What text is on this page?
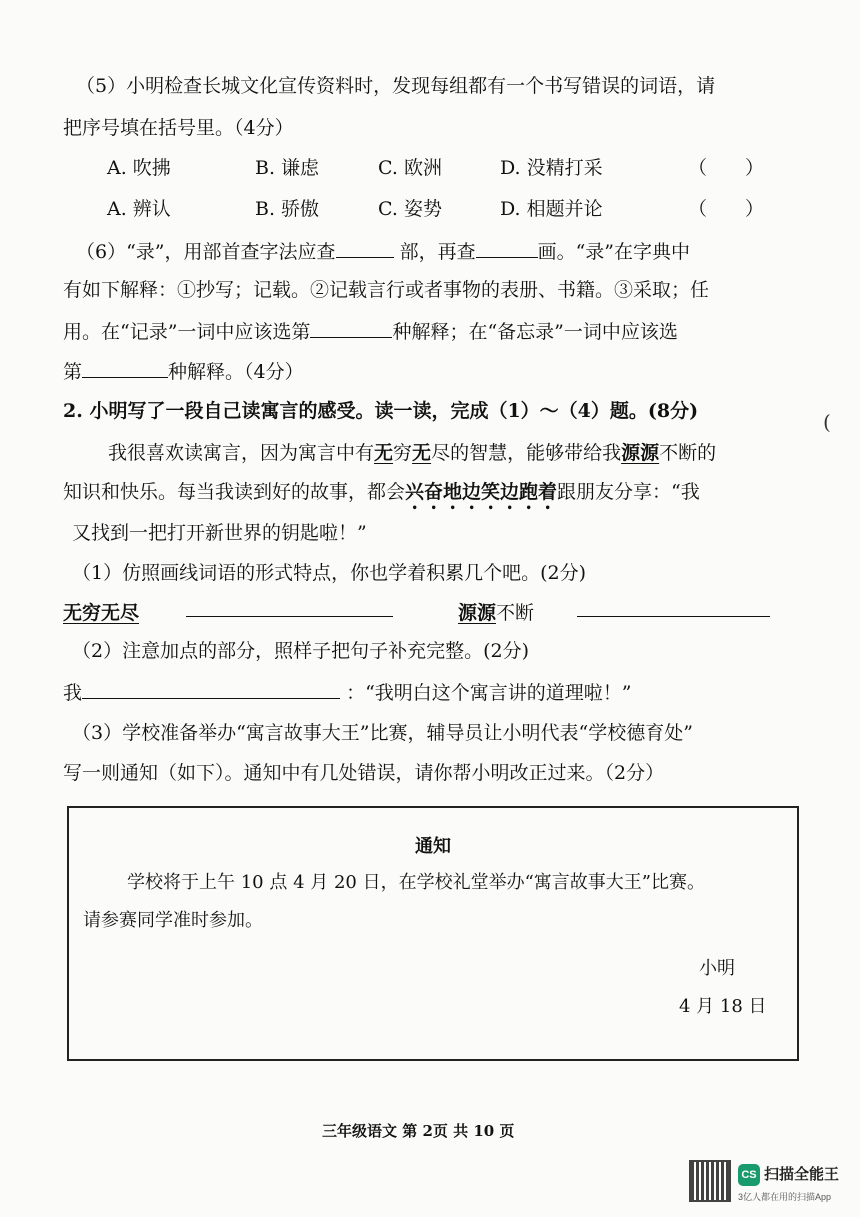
（5）小明检查长城文化宣传资料时，发现每组都有一个书写错误的词语，请
把序号填在括号里。（4分）
A. 吹拂	B. 谦虑	C. 欧洲	D. 没精打采	（　　）
A. 辨认	B. 骄傲	C. 姿势	D. 相题并论	（　　）
（6）“录”，用部首查字法应查	部，再查	画。“录”在字典中
有如下解释：①抄写；记载。②记载言行或者事物的表册、书籍。③采取；任
用。在“记录”一词中应该选第	种解释；在“备忘录”一词中应该选
第	种解释。（4分）
2. 小明写了一段自己读寓言的感受。读一读，完成（1）～（4）题。(8分)	(
我很喜欢读寓言，因为寓言中有无穷无尽的智慧，能够带给我源源不断的
知识和快乐。每当我读到好的故事，都会兴奋地边笑边跑着跟朋友分享：“我
又找到一把打开新世界的钥匙啦！”
（1）仿照画线词语的形式特点，你也学着积累几个吧。(2分)
无穷无尽	源源不断
（2）注意加点的部分，照样子把句子补充完整。(2分)
我	：“我明白这个寓言讲的道理啦！”
（3）学校准备举办“寓言故事大王”比赛，辅导员让小明代表“学校德育处”
写一则通知（如下）。通知中有几处错误，请你帮小明改正过来。（2分）
通知
学校将于上午 10 点 4 月 20 日，在学校礼堂举办“寓言故事大王”比赛。
请参赛同学准时参加。
小明
4 月 18 日
三年级语文 第 2页 共 10 页
CS 扫描全能王
3亿人都在用的扫描App
